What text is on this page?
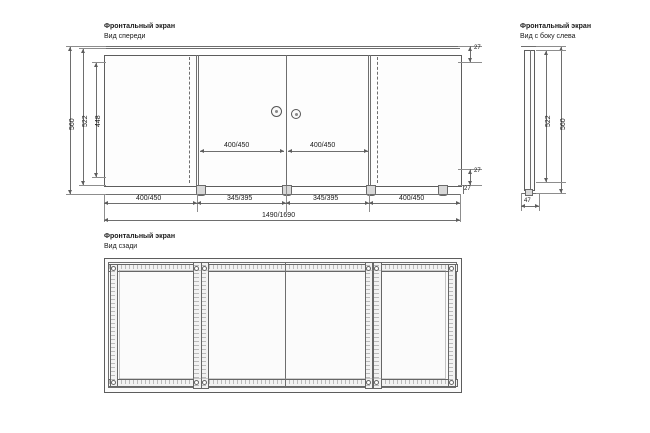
Фронтальный экран
Вид спереди
Фронтальный экран
Вид с боку слева
Фронтальный экран
Вид сзади
560 522 448
27
27
27
400/450	400/450
400/450	345/395	345/395	400/450
1490/1690
522 560
47
